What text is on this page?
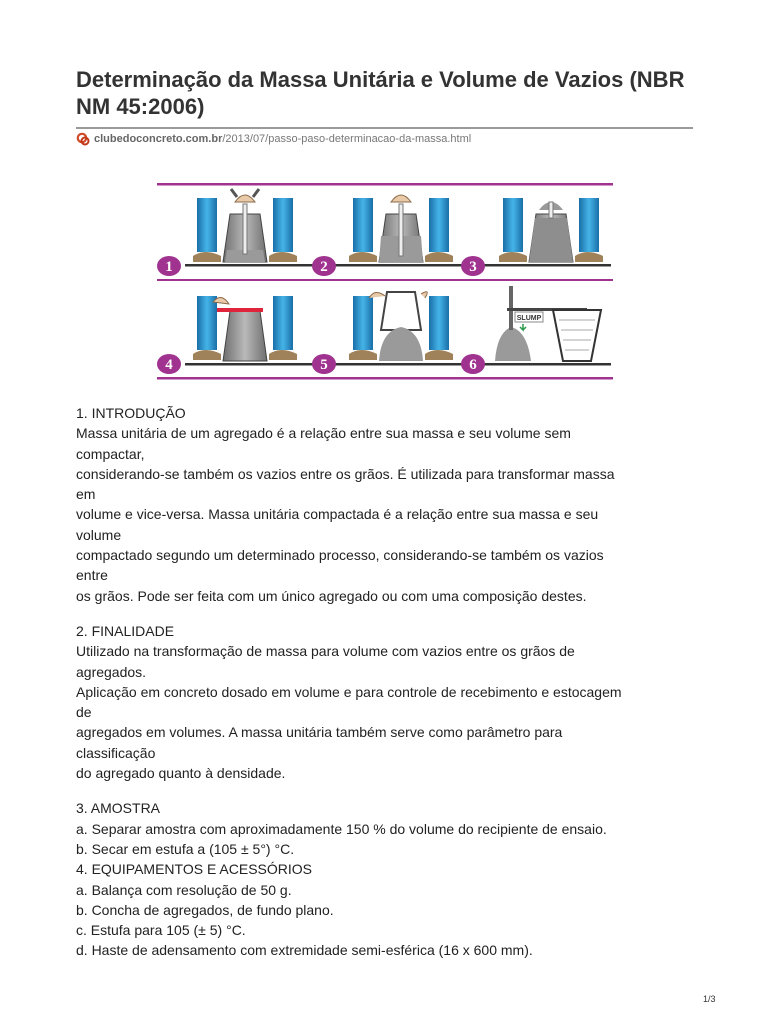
Determinação da Massa Unitária e Volume de Vazios (NBR NM 45:2006)
clubedoconcreto.com.br/2013/07/passo-paso-determinacao-da-massa.html
SLUMP
1	2	3
4	5	6

1. INTRODUÇÃO

Massa unitária de um agregado é a relação entre sua massa e seu volume sem

compactar,

considerando-se também os vazios entre os grãos. É utilizada para transformar massa

em

volume e vice-versa. Massa unitária compactada é a relação entre sua massa e seu

volume

compactado segundo um determinado processo, considerando-se também os vazios

entre

os grãos. Pode ser feita com um único agregado ou com uma composição destes.

2. FINALIDADE

Utilizado na transformação de massa para volume com vazios entre os grãos de

agregados.

Aplicação em concreto dosado em volume e para controle de recebimento e estocagem

de

agregados em volumes. A massa unitária também serve como parâmetro para

classificação

do agregado quanto à densidade.

3. AMOSTRA

a. Separar amostra com aproximadamente 150 % do volume do recipiente de ensaio.

b. Secar em estufa a (105 ± 5°) °C.

4. EQUIPAMENTOS E ACESSÓRIOS

a. Balança com resolução de 50 g.

b. Concha de agregados, de fundo plano.

c. Estufa para 105 (± 5) °C.

d. Haste de adensamento com extremidade semi-esférica (16 x 600 mm).

1/3
